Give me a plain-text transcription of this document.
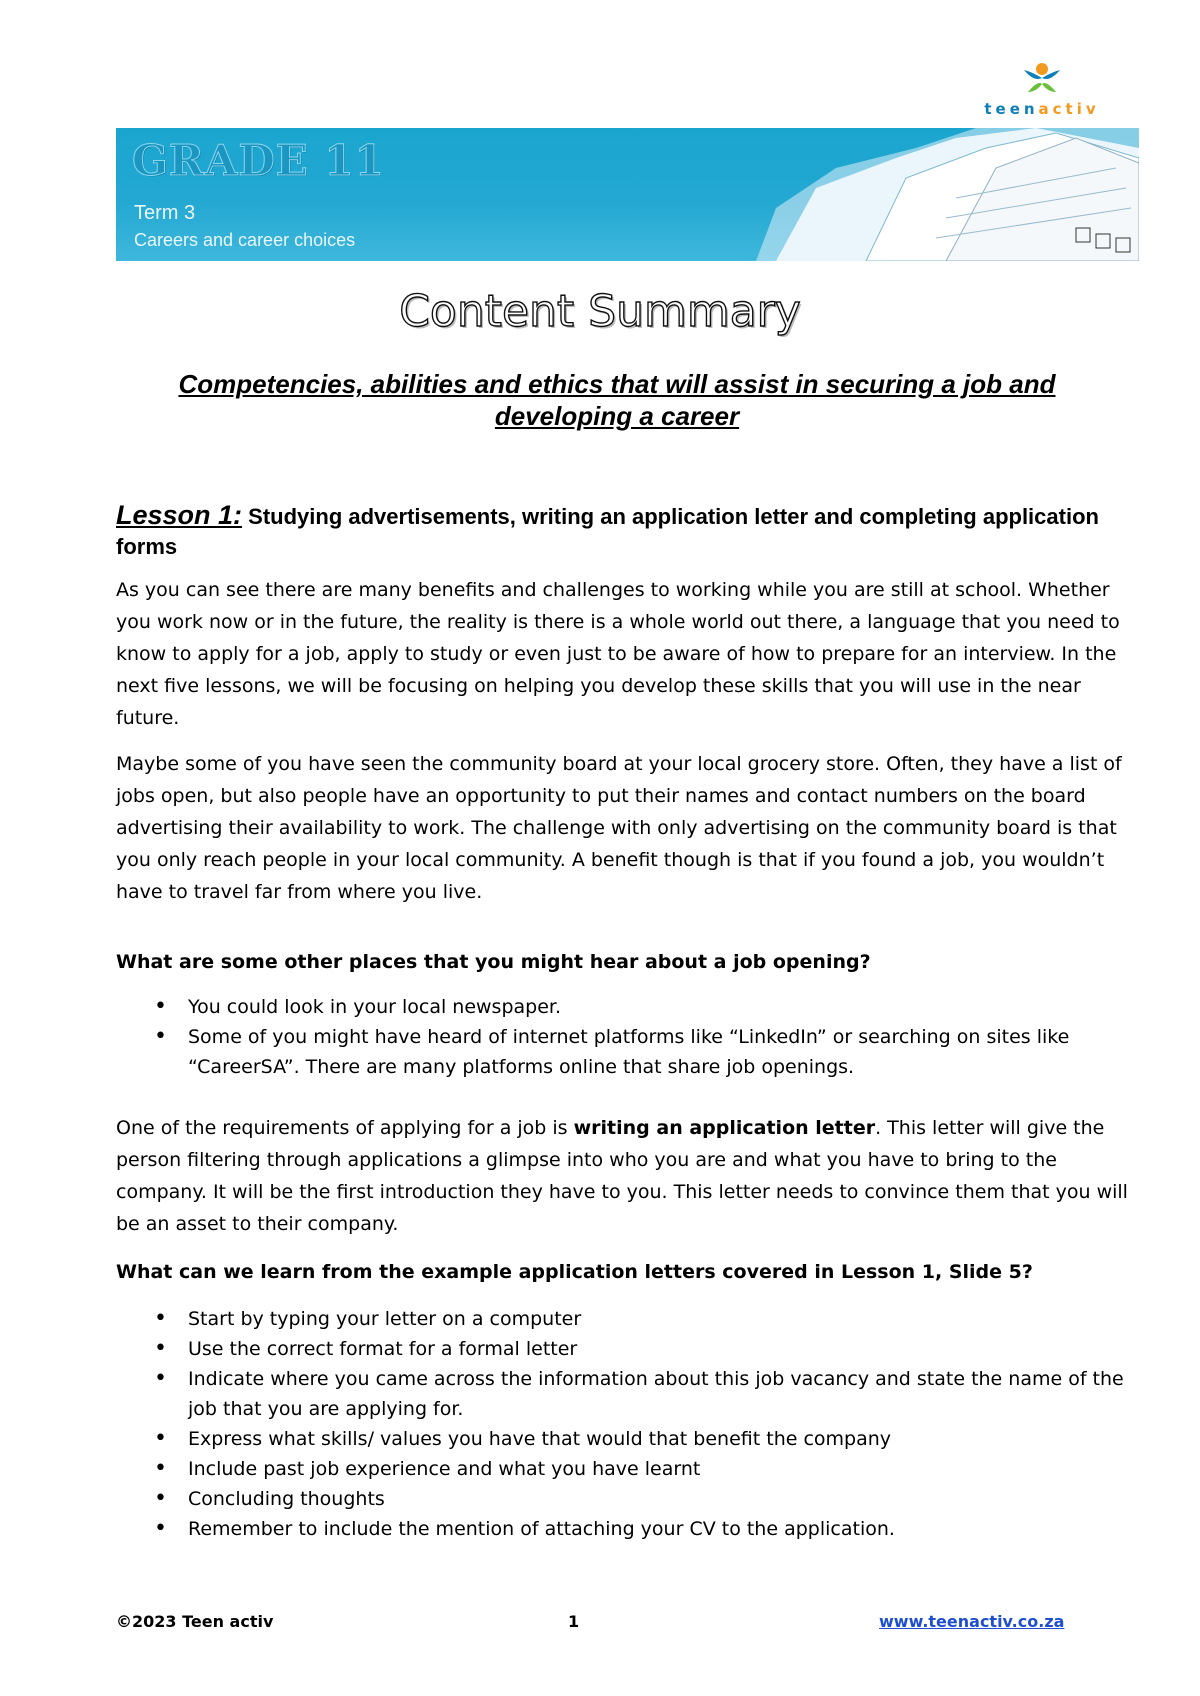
teenactiv
GRADE 11
Term 3
Careers and career choices
Content Summary
Competencies, abilities and ethics that will assist in securing a job and developing a career
Lesson 1: Studying advertisements, writing an application letter and completing application forms

As you can see there are many benefits and challenges to working while you are still at school. Whether you work now or in the future, the reality is there is a whole world out there, a language that you need to know to apply for a job, apply to study or even just to be aware of how to prepare for an interview. In the next five lessons, we will be focusing on helping you develop these skills that you will use in the near future.

Maybe some of you have seen the community board at your local grocery store. Often, they have a list of jobs open, but also people have an opportunity to put their names and contact numbers on the board advertising their availability to work. The challenge with only advertising on the community board is that you only reach people in your local community. A benefit though is that if you found a job, you wouldn’t have to travel far from where you live.

What are some other places that you might hear about a job opening?

• You could look in your local newspaper.
• Some of you might have heard of internet platforms like “LinkedIn” or searching on sites like “CareerSA”. There are many platforms online that share job openings.

One of the requirements of applying for a job is writing an application letter. This letter will give the person filtering through applications a glimpse into who you are and what you have to bring to the company. It will be the first introduction they have to you. This letter needs to convince them that you will be an asset to their company.

What can we learn from the example application letters covered in Lesson 1, Slide 5?

• Start by typing your letter on a computer
• Use the correct format for a formal letter
• Indicate where you came across the information about this job vacancy and state the name of the job that you are applying for.
• Express what skills/ values you have that would that benefit the company
• Include past job experience and what you have learnt
• Concluding thoughts
• Remember to include the mention of attaching your CV to the application.
©2023 Teen activ	1	www.teenactiv.co.za
